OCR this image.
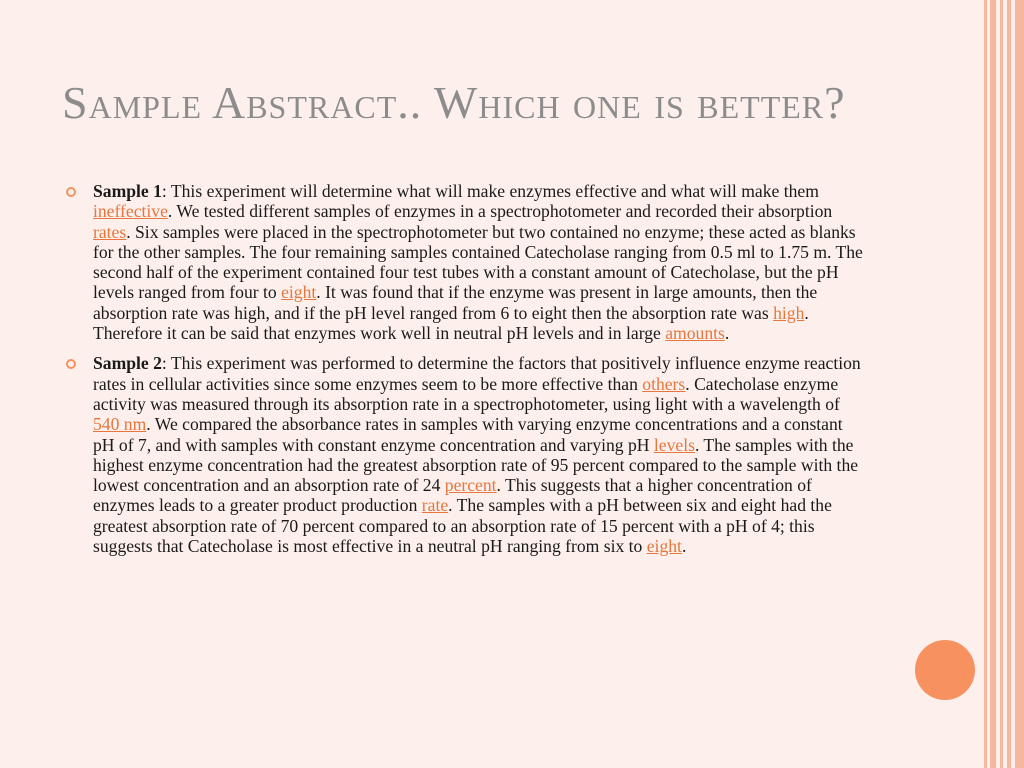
Sample Abstract.. Which one is better?
Sample 1: This experiment will determine what will make enzymes effective and what will make them ineffective. We tested different samples of enzymes in a spectrophotometer and recorded their absorption rates. Six samples were placed in the spectrophotometer but two contained no enzyme; these acted as blanks for the other samples. The four remaining samples contained Catecholase ranging from 0.5 ml to 1.75 m. The second half of the experiment contained four test tubes with a constant amount of Catecholase, but the pH levels ranged from four to eight. It was found that if the enzyme was present in large amounts, then the absorption rate was high, and if the pH level ranged from 6 to eight then the absorption rate was high. Therefore it can be said that enzymes work well in neutral pH levels and in large amounts.
Sample 2: This experiment was performed to determine the factors that positively influence enzyme reaction rates in cellular activities since some enzymes seem to be more effective than others. Catecholase enzyme activity was measured through its absorption rate in a spectrophotometer, using light with a wavelength of 540 nm. We compared the absorbance rates in samples with varying enzyme concentrations and a constant pH of 7, and with samples with constant enzyme concentration and varying pH levels. The samples with the highest enzyme concentration had the greatest absorption rate of 95 percent compared to the sample with the lowest concentration and an absorption rate of 24 percent. This suggests that a higher concentration of enzymes leads to a greater product production rate. The samples with a pH between six and eight had the greatest absorption rate of 70 percent compared to an absorption rate of 15 percent with a pH of 4; this suggests that Catecholase is most effective in a neutral pH ranging from six to eight.
